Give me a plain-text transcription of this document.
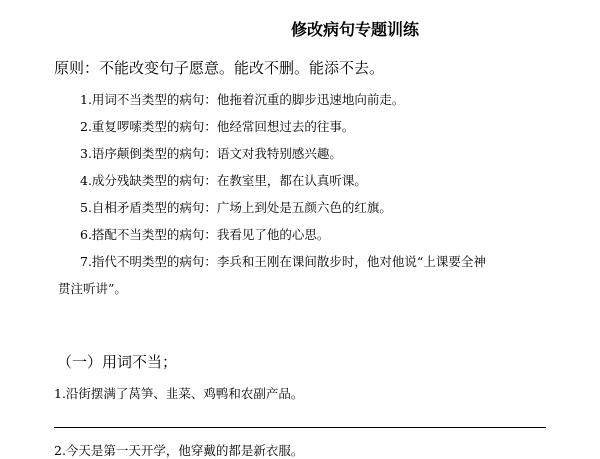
修改病句专题训练
原则：不能改变句子愿意。能改不删。能添不去。
1.用词不当类型的病句：他拖着沉重的脚步迅速地向前走。
2.重复啰嗦类型的病句：他经常回想过去的往事。
3.语序颠倒类型的病句：语文对我特别感兴趣。
4.成分残缺类型的病句：在教室里，都在认真听课。
5.自相矛盾类型的病句：广场上到处是五颜六色的红旗。
6.搭配不当类型的病句：我看见了他的心思。
7.指代不明类型的病句：李兵和王刚在课间散步时，他对他说“上课要全神
贯注听讲”。
（一）用词不当；
1.沿街摆满了莴笋、韭菜、鸡鸭和农副产品。
2.今天是第一天开学，他穿戴的都是新衣服。
